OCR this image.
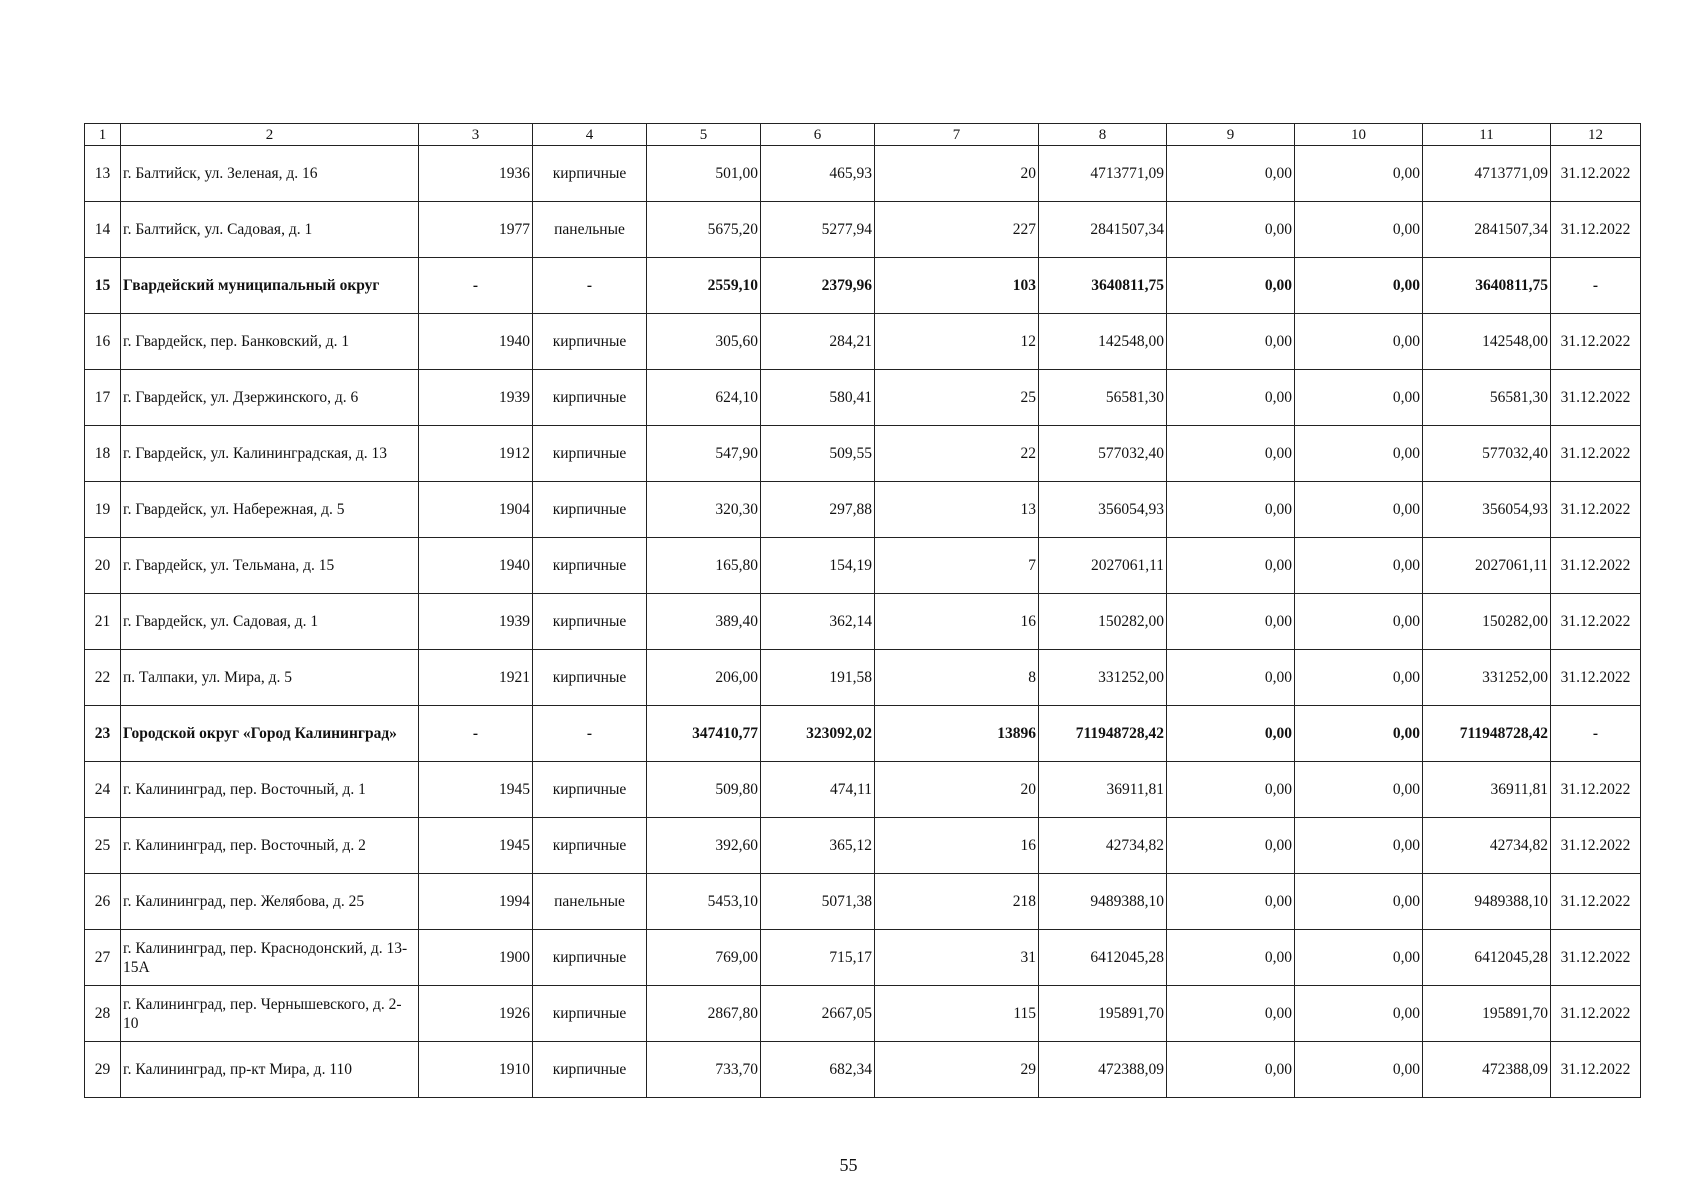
1	2	3	4	5	6	7	8	9	10	11	12
13	г. Балтийск, ул. Зеленая, д. 16	1936	кирпичные	501,00	465,93	20	4713771,09	0,00	0,00	4713771,09	31.12.2022
14	г. Балтийск, ул. Садовая, д. 1	1977	панельные	5675,20	5277,94	227	2841507,34	0,00	0,00	2841507,34	31.12.2022
15	Гвардейский муниципальный округ	-	-	2559,10	2379,96	103	3640811,75	0,00	0,00	3640811,75	-
16	г. Гвардейск, пер. Банковский, д. 1	1940	кирпичные	305,60	284,21	12	142548,00	0,00	0,00	142548,00	31.12.2022
17	г. Гвардейск, ул. Дзержинского, д. 6	1939	кирпичные	624,10	580,41	25	56581,30	0,00	0,00	56581,30	31.12.2022
18	г. Гвардейск, ул. Калининградская, д. 13	1912	кирпичные	547,90	509,55	22	577032,40	0,00	0,00	577032,40	31.12.2022
19	г. Гвардейск, ул. Набережная, д. 5	1904	кирпичные	320,30	297,88	13	356054,93	0,00	0,00	356054,93	31.12.2022
20	г. Гвардейск, ул. Тельмана, д. 15	1940	кирпичные	165,80	154,19	7	2027061,11	0,00	0,00	2027061,11	31.12.2022
21	г. Гвардейск, ул. Садовая, д. 1	1939	кирпичные	389,40	362,14	16	150282,00	0,00	0,00	150282,00	31.12.2022
22	п. Талпаки, ул. Мира, д. 5	1921	кирпичные	206,00	191,58	8	331252,00	0,00	0,00	331252,00	31.12.2022
23	Городской округ «Город Калининград»	-	-	347410,77	323092,02	13896	711948728,42	0,00	0,00	711948728,42	-
24	г. Калининград, пер. Восточный, д. 1	1945	кирпичные	509,80	474,11	20	36911,81	0,00	0,00	36911,81	31.12.2022
25	г. Калининград, пер. Восточный, д. 2	1945	кирпичные	392,60	365,12	16	42734,82	0,00	0,00	42734,82	31.12.2022
26	г. Калининград, пер. Желябова, д. 25	1994	панельные	5453,10	5071,38	218	9489388,10	0,00	0,00	9489388,10	31.12.2022
27	г. Калининград, пер. Краснодонский, д. 13-15А	1900	кирпичные	769,00	715,17	31	6412045,28	0,00	0,00	6412045,28	31.12.2022
28	г. Калининград, пер. Чернышевского, д. 2-10	1926	кирпичные	2867,80	2667,05	115	195891,70	0,00	0,00	195891,70	31.12.2022
29	г. Калининград, пр-кт Мира, д. 110	1910	кирпичные	733,70	682,34	29	472388,09	0,00	0,00	472388,09	31.12.2022
55
